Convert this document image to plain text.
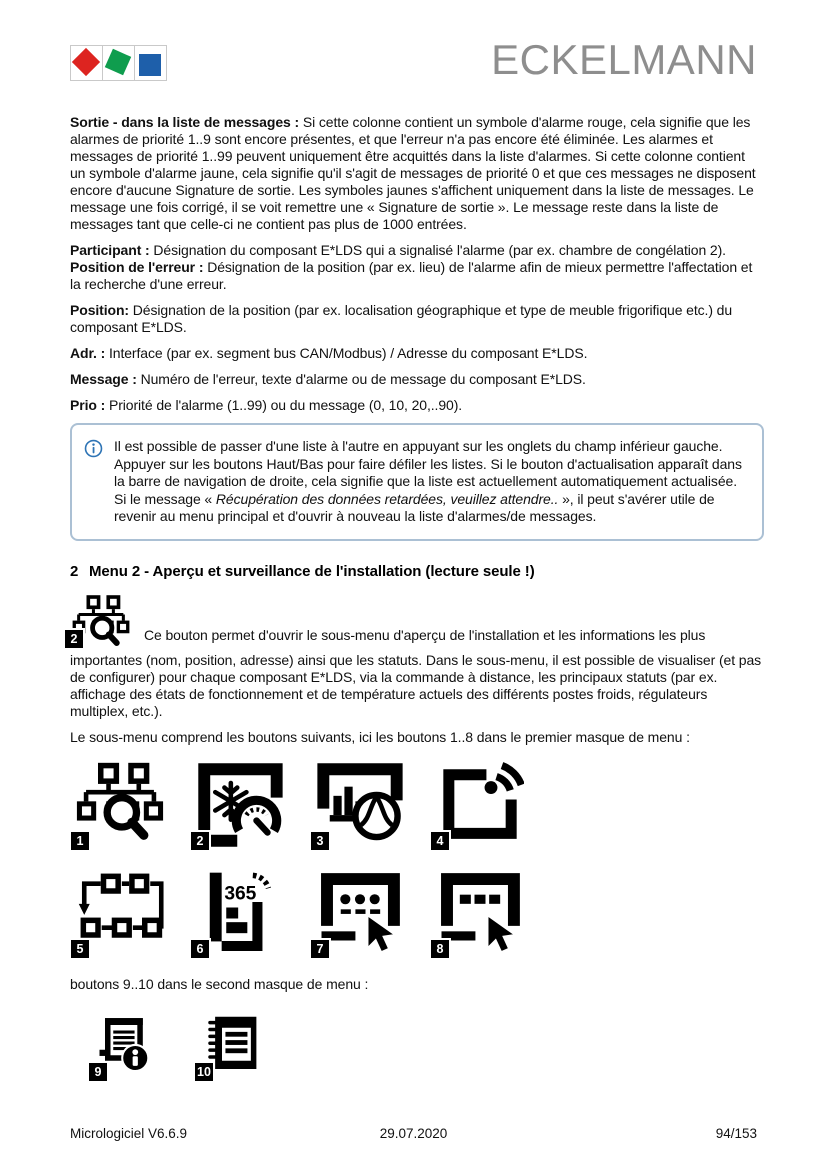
ECKELMANN

Sortie - dans la liste de messages : Si cette colonne contient un symbole d'alarme rouge, cela signifie que les alarmes de priorité 1..9 sont encore présentes, et que l'erreur n'a pas encore été éliminée. Les alarmes et messages de priorité 1..99 peuvent uniquement être acquittés dans la liste d'alarmes. Si cette colonne contient un symbole d'alarme jaune, cela signifie qu'il s'agit de messages de priorité 0 et que ces messages ne disposent encore d'aucune Signature de sortie. Les symboles jaunes s'affichent uniquement dans la liste de messages. Le message une fois corrigé, il se voit remettre une « Signature de sortie ». Le message reste dans la liste de messages tant que celle-ci ne contient pas plus de 1000 entrées.

Participant : Désignation du composant E*LDS qui a signalisé l'alarme (par ex. chambre de congélation 2).

Position de l'erreur : Désignation de la position (par ex. lieu) de l'alarme afin de mieux permettre l'affectation et la recherche d'une erreur.

Position: Désignation de la position (par ex. localisation géographique et type de meuble frigorifique etc.) du composant E*LDS.

Adr. : Interface (par ex. segment bus CAN/Modbus) / Adresse du composant E*LDS.

Message : Numéro de l'erreur, texte d'alarme ou de message du composant E*LDS.

Prio : Priorité de l'alarme (1..99) ou du message (0, 10, 20,..90).

Il est possible de passer d'une liste à l'autre en appuyant sur les onglets du champ inférieur gauche. Appuyer sur les boutons Haut/Bas pour faire défiler les listes. Si le bouton d'actualisation apparaît dans la barre de navigation de droite, cela signifie que la liste est actuellement automatiquement actualisée. Si le message « Récupération des données retardées, veuillez attendre.. », il peut s'avérer utile de revenir au menu principal et d'ouvrir à nouveau la liste d'alarmes/de messages.
2 Menu 2 - Aperçu et surveillance de l'installation (lecture seule !)

2	Ce bouton permet d'ouvrir le sous-menu d'aperçu de l'installation et les informations les plus importantes (nom, position, adresse) ainsi que les statuts. Dans le sous-menu, il est possible de visualiser (et pas de configurer) pour chaque composant E*LDS, via la commande à distance, les principaux statuts (par ex. affichage des états de fonctionnement et de température actuels des différents postes froids, régulateurs multiplex, etc.).

Le sous-menu comprend les boutons suivants, ici les boutons 1..8 dans le premier masque de menu :

1	2	3	4
5
365
6	7	8

boutons 9..10 dans le second masque de menu :

9	10
Micrologiciel V6.6.9	29.07.2020	94/153
